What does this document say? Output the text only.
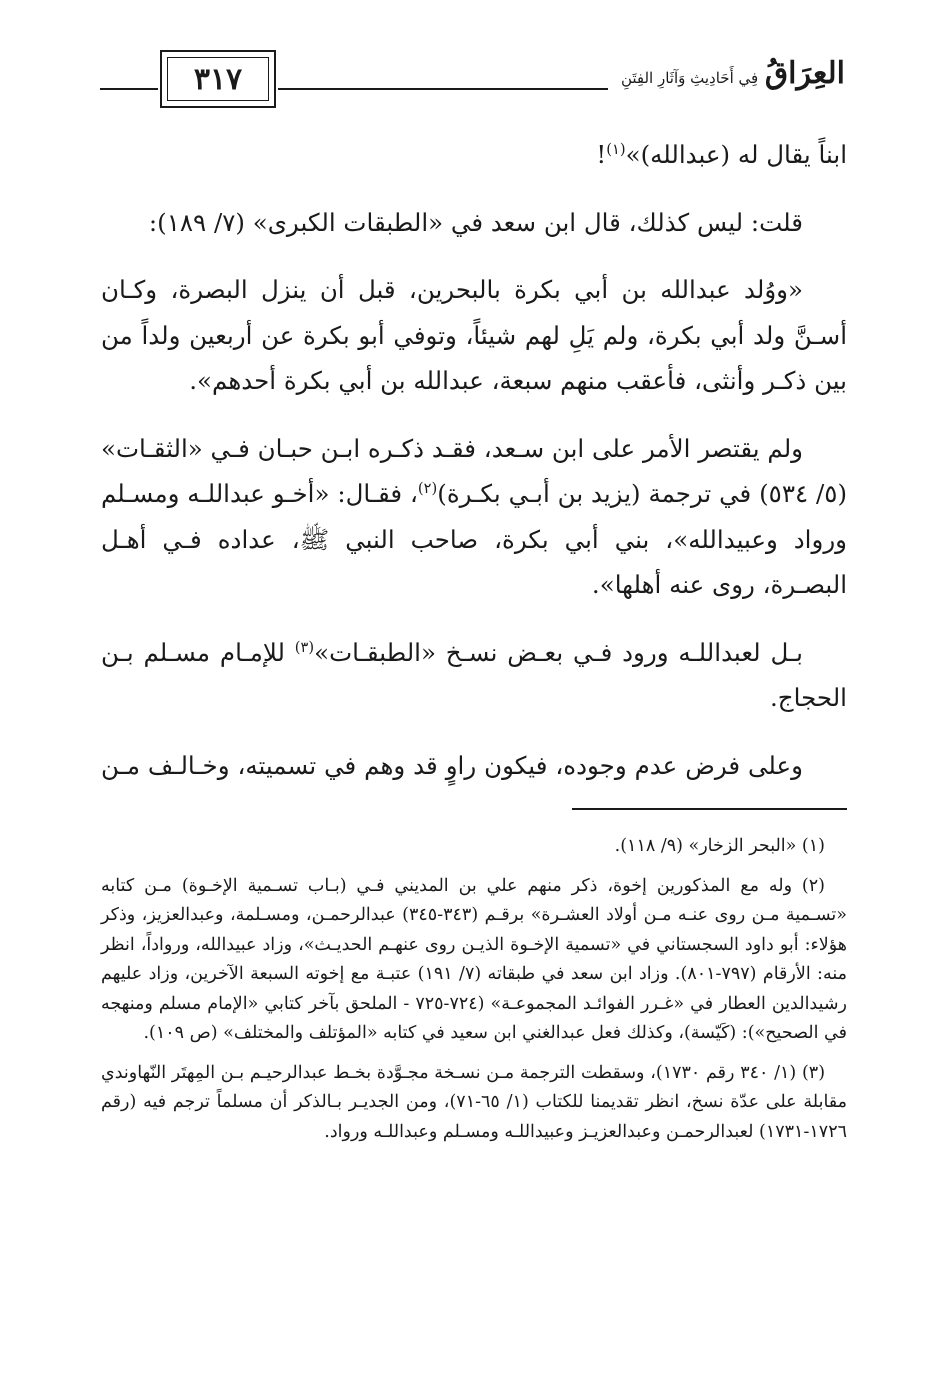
٣١٧	العِرَاقُ فِي أَحَادِيثِ وَآثَارِ الفِتَنِ

ابناً يقال له (عبدالله)»$^{(١)}$!

قلت: ليس كذلك، قال ابن سعد في «الطبقات الكبرى» (٧/ ١٨٩):

«ووُلد عبدالله بن أبي بكرة بالبحرين، قبل أن ينزل البصرة، وكـان أسـنَّ ولد أبي بكرة، ولم يَلِ لهم شيئاً، وتوفي أبو بكرة عن أربعين ولداً من بين ذكـر وأنثى، فأعقب منهم سبعة، عبدالله بن أبي بكرة أحدهم».

ولم يقتصر الأمر على ابن سـعد، فقـد ذكـره ابـن حبـان فـي «الثقـات» (٥/ ٥٣٤) في ترجمة (يزيد بن أبـي بكـرة)$^{(٢)}$، فقـال: «أخـو عبداللـه ومسـلم ورواد وعبيدالله»، بني أبي بكرة، صاحب النبي ﷺ، عداده فـي أهـل البصـرة، روى عنه أهلها».

بـل لعبداللـه ورود فـي بعـض نسـخ «الطبقـات»$^{(٣)}$ للإمـام مسـلم بـن الحجاج.

وعلى فرض عدم وجوده، فيكون راوٍ قد وهم في تسميته، وخـالـف مـن

(١) «البحر الزخار» (٩/ ١١٨).

(٢) وله مع المذكورين إخوة، ذكر منهم علي بن المديني فـي (بـاب تسـمية الإخـوة) مـن كتابه «تسـمية مـن روى عنـه مـن أولاد العشـرة» برقـم (٣٤٣-٣٤٥) عبدالرحمـن، ومسـلمة، وعبدالعزيز، وذكر هؤلاء: أبو داود السجستاني في «تسمية الإخـوة الذيـن روى عنهـم الحديـث»، وزاد عبيدالله، ورواداً، انظر منه: الأرقام (٧٩٧-٨٠١). وزاد ابن سعد في طبقاته (٧/ ١٩١) عتبـة مع إخوته السبعة الآخرين، وزاد عليهم رشيدالدين العطار في «غـرر الفوائـد المجموعـة» (٧٢٤-٧٢٥ - الملحق بآخر كتابي «الإمام مسلم ومنهجه في الصحيح»): (كَيّسة)، وكذلك فعل عبدالغني ابن سعيد في كتابه «المؤتلف والمختلف» (ص ١٠٩).

(٣) (١/ ٣٤٠ رقم ١٧٣٠)، وسقطت الترجمة مـن نسـخة مجـوَّدة بخـط عبدالرحيـم بـن المِهتَر النّهاوندي مقابلة على عدّة نسخ، انظر تقديمنا للكتاب (١/ ٦٥-٧١)، ومن الجديـر بـالذكر أن مسلماً ترجم فيه (رقم ١٧٢٦-١٧٣١) لعبدالرحمـن وعبدالعزيـز وعبيداللـه ومسـلم وعبداللـه ورواد.
